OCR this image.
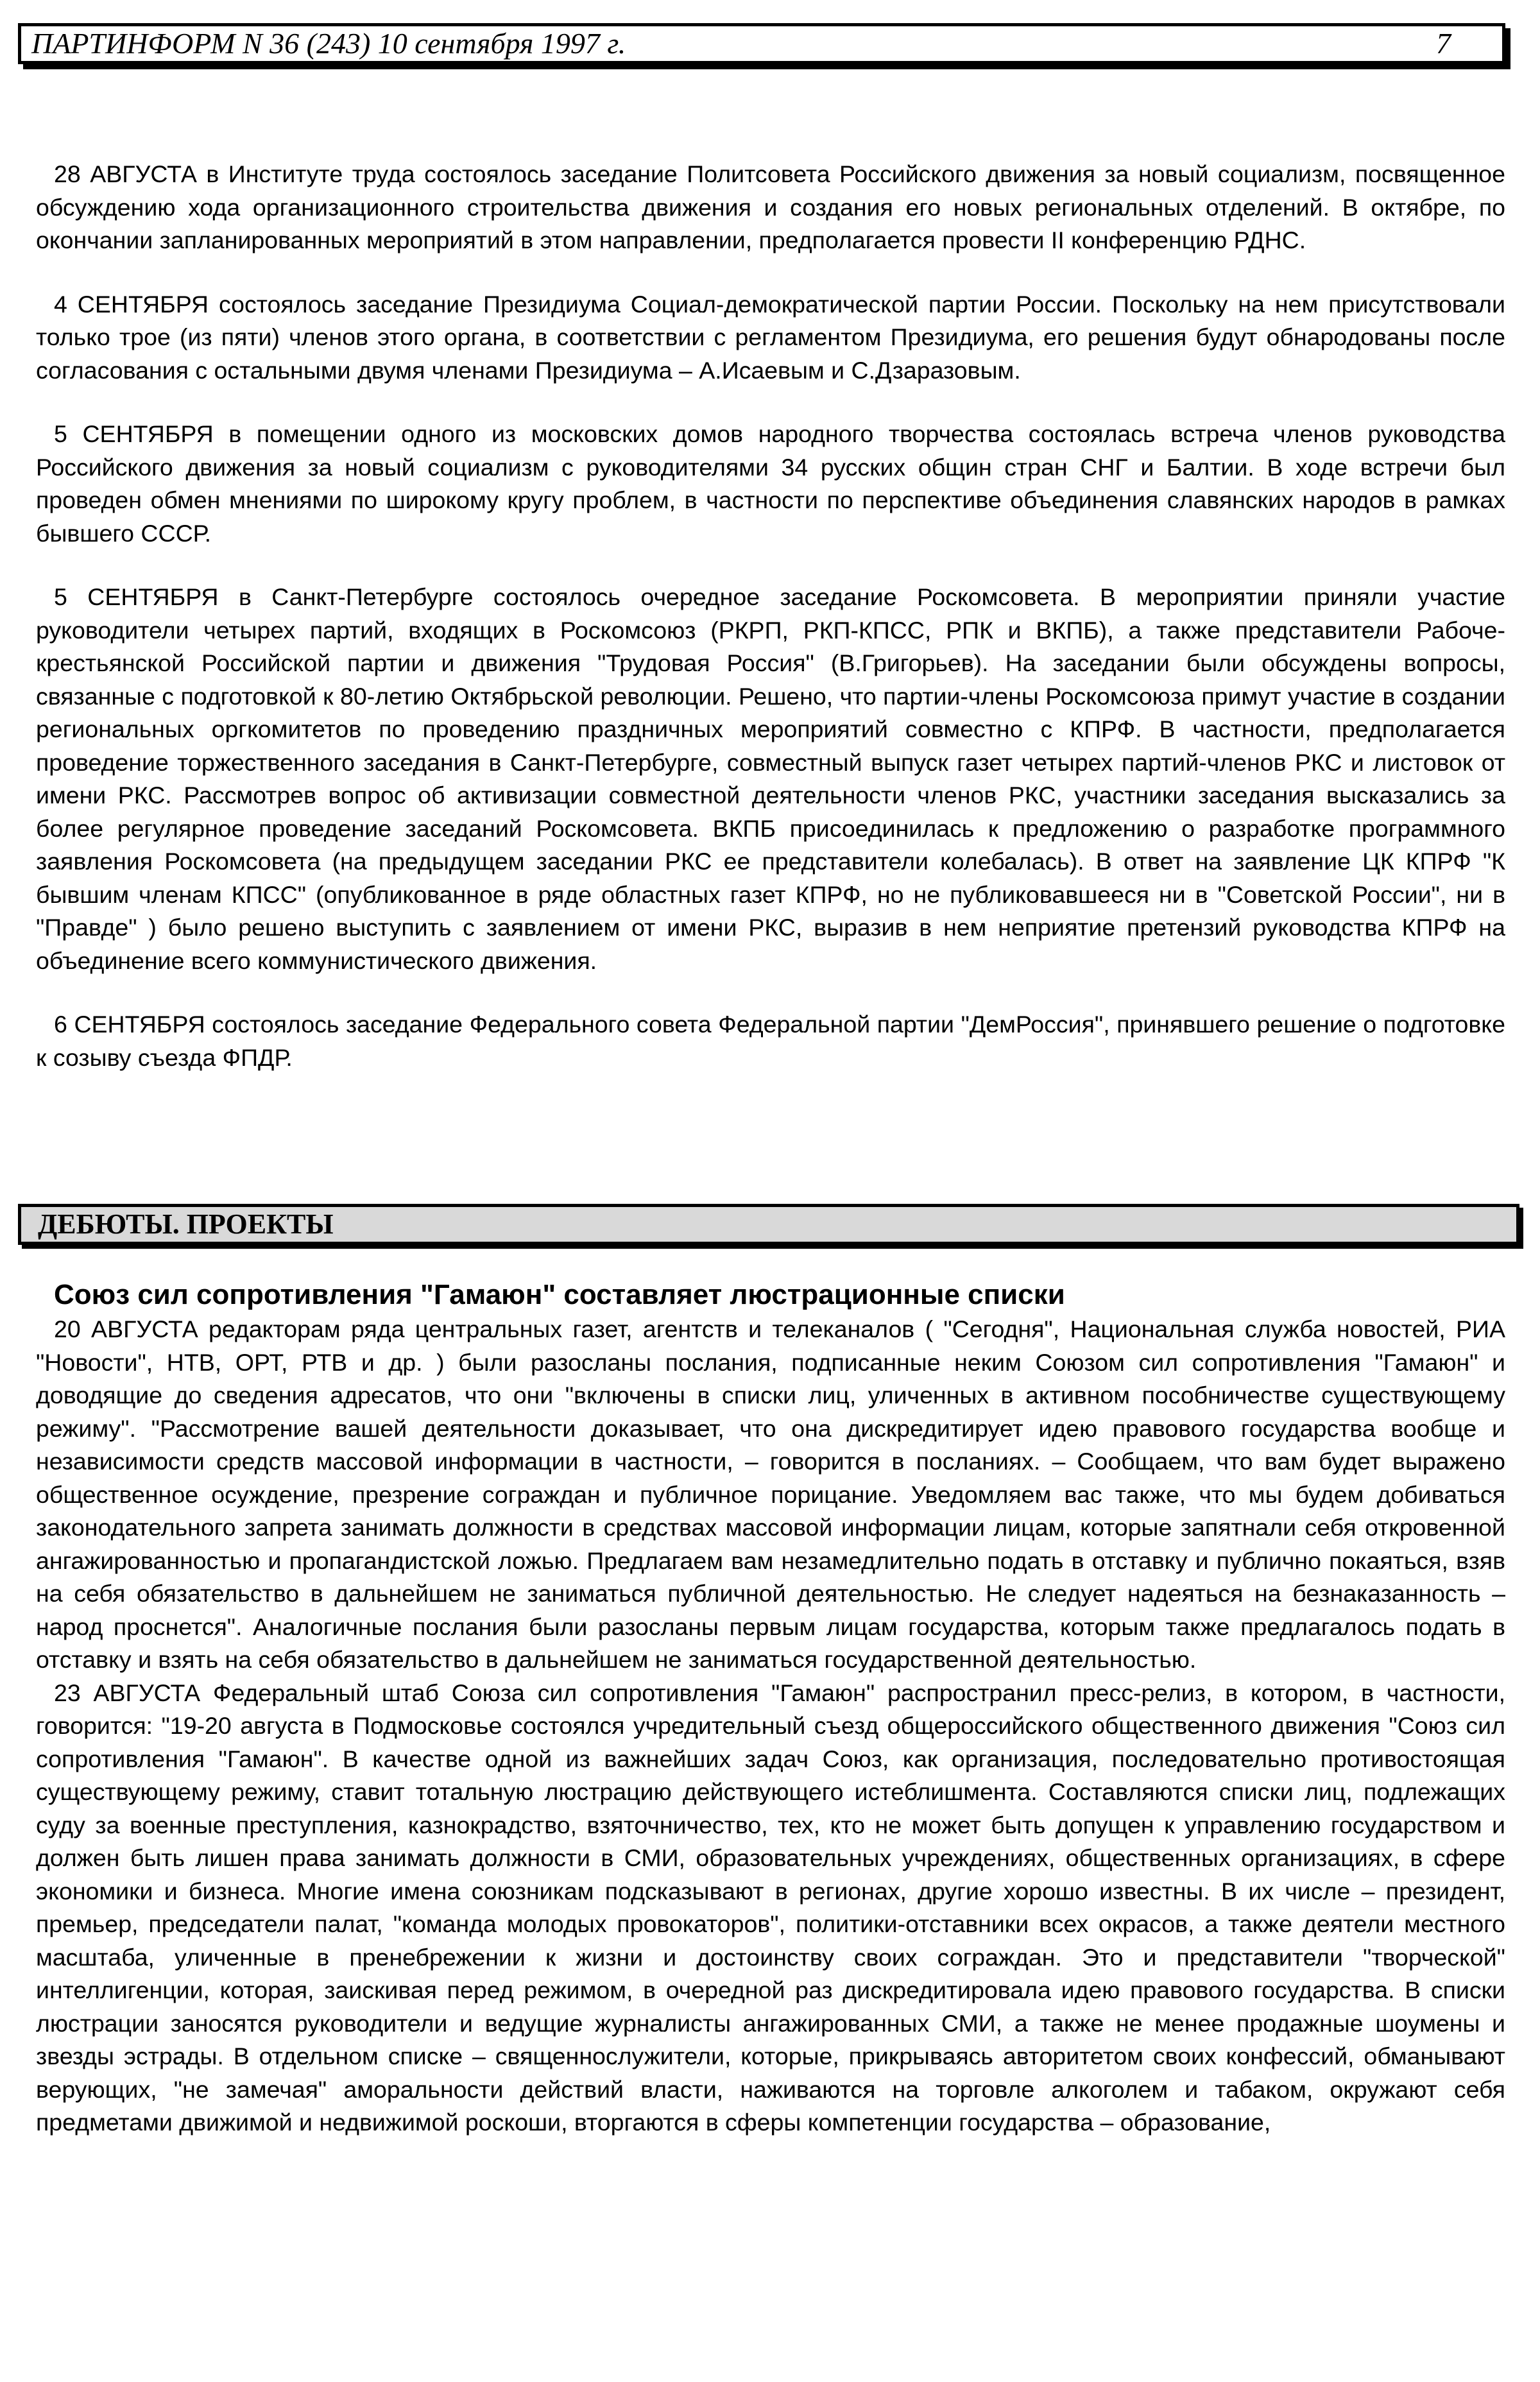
ПАРТИНФОРМ N 36 (243) 10 сентября 1997 г.	7

28 АВГУСТА в Институте труда состоялось заседание Политсовета Российского движения за новый социализм, посвященное обсуждению хода организационного строительства движения и создания его новых региональных отделений. В октябре, по окончании запланированных мероприятий в этом направлении, предполагается провести II конференцию РДНС.

4 СЕНТЯБРЯ состоялось заседание Президиума Социал-демократической партии России. Поскольку на нем присутствовали только трое (из пяти) членов этого органа, в соответствии с регламентом Президиума, его решения будут обнародованы после согласования с остальными двумя членами Президиума – А.Исаевым и С.Дзаразовым.

5 СЕНТЯБРЯ в помещении одного из московских домов народного творчества состоялась встреча членов руководства Российского движения за новый социализм с руководителями 34 русских общин стран СНГ и Балтии. В ходе встречи был проведен обмен мнениями по широкому кругу проблем, в частности по перспективе объединения славянских народов в рамках бывшего СССР.

5 СЕНТЯБРЯ в Санкт-Петербурге состоялось очередное заседание Роскомсовета. В мероприятии приняли участие руководители четырех партий, входящих в Роскомсоюз (РКРП, РКП-КПСС, РПК и ВКПБ), а также представители Рабоче-крестьянской Российской партии и движения "Трудовая Россия" (В.Григорьев). На заседании были обсуждены вопросы, связанные с подготовкой к 80-летию Октябрьской революции. Решено, что партии-члены Роскомсоюза примут участие в создании региональных оргкомитетов по проведению праздничных мероприятий совместно с КПРФ. В частности, предполагается проведение торжественного заседания в Санкт-Петербурге, совместный выпуск газет четырех партий-членов РКС и листовок от имени РКС. Рассмотрев вопрос об активизации совместной деятельности членов РКС, участники заседания высказались за более регулярное проведение заседаний Роскомсовета. ВКПБ присоединилась к предложению о разработке программного заявления Роскомсовета (на предыдущем заседании РКС ее представители колебалась). В ответ на заявление ЦК КПРФ "К бывшим членам КПСС" (опубликованное в ряде областных газет КПРФ, но не публиковавшееся ни в "Советской России", ни в "Правде" ) было решено выступить с заявлением от имени РКС, выразив в нем неприятие претензий руководства КПРФ на объединение всего коммунистического движения.

6 СЕНТЯБРЯ состоялось заседание Федерального совета Федеральной партии "ДемРоссия", принявшего решение о подготовке к созыву съезда ФПДР.

ДЕБЮТЫ. ПРОЕКТЫ
Союз сил сопротивления "Гамаюн" составляет люстрационные списки

20 АВГУСТА редакторам ряда центральных газет, агентств и телеканалов ( "Сегодня", Национальная служба новостей, РИА "Новости", НТВ, ОРТ, РТВ и др. ) были разосланы послания, подписанные неким Союзом сил сопротивления "Гамаюн" и доводящие до сведения адресатов, что они "включены в списки лиц, уличенных в активном пособничестве существующему режиму". "Рассмотрение вашей деятельности доказывает, что она дискредитирует идею правового государства вообще и независимости средств массовой информации в частности, – говорится в посланиях. – Сообщаем, что вам будет выражено общественное осуждение, презрение сограждан и публичное порицание. Уведомляем вас также, что мы будем добиваться законодательного запрета занимать должности в средствах массовой информации лицам, которые запятнали себя откровенной ангажированностью и пропагандистской ложью. Предлагаем вам незамедлительно подать в отставку и публично покаяться, взяв на себя обязательство в дальнейшем не заниматься публичной деятельностью. Не следует надеяться на безнаказанность – народ проснется". Аналогичные послания были разосланы первым лицам государства, которым также предлагалось подать в отставку и взять на себя обязательство в дальнейшем не заниматься государственной деятельностью.

23 АВГУСТА Федеральный штаб Союза сил сопротивления "Гамаюн" распространил пресс-релиз, в котором, в частности, говорится: "19-20 августа в Подмосковье состоялся учредительный съезд общероссийского общественного движения "Союз сил сопротивления "Гамаюн". В качестве одной из важнейших задач Союз, как организация, последовательно противостоящая существующему режиму, ставит тотальную люстрацию действующего истеблишмента. Составляются списки лиц, подлежащих суду за военные преступления, казнокрадство, взяточничество, тех, кто не может быть допущен к управлению государством и должен быть лишен права занимать должности в СМИ, образовательных учреждениях, общественных организациях, в сфере экономики и бизнеса. Многие имена союзникам подсказывают в регионах, другие хорошо известны. В их числе – президент, премьер, председатели палат, "команда молодых провокаторов", политики-отставники всех окрасов, а также деятели местного масштаба, уличенные в пренебрежении к жизни и достоинству своих сограждан. Это и представители "творческой" интеллигенции, которая, заискивая перед режимом, в очередной раз дискредитировала идею правового государства. В списки люстрации заносятся руководители и ведущие журналисты ангажированных СМИ, а также не менее продажные шоумены и звезды эстрады. В отдельном списке – священнослужители, которые, прикрываясь авторитетом своих конфессий, обманывают верующих, "не замечая" аморальности действий власти, наживаются на торговле алкоголем и табаком, окружают себя предметами движимой и недвижимой роскоши, вторгаются в сферы компетенции государства – образование,
